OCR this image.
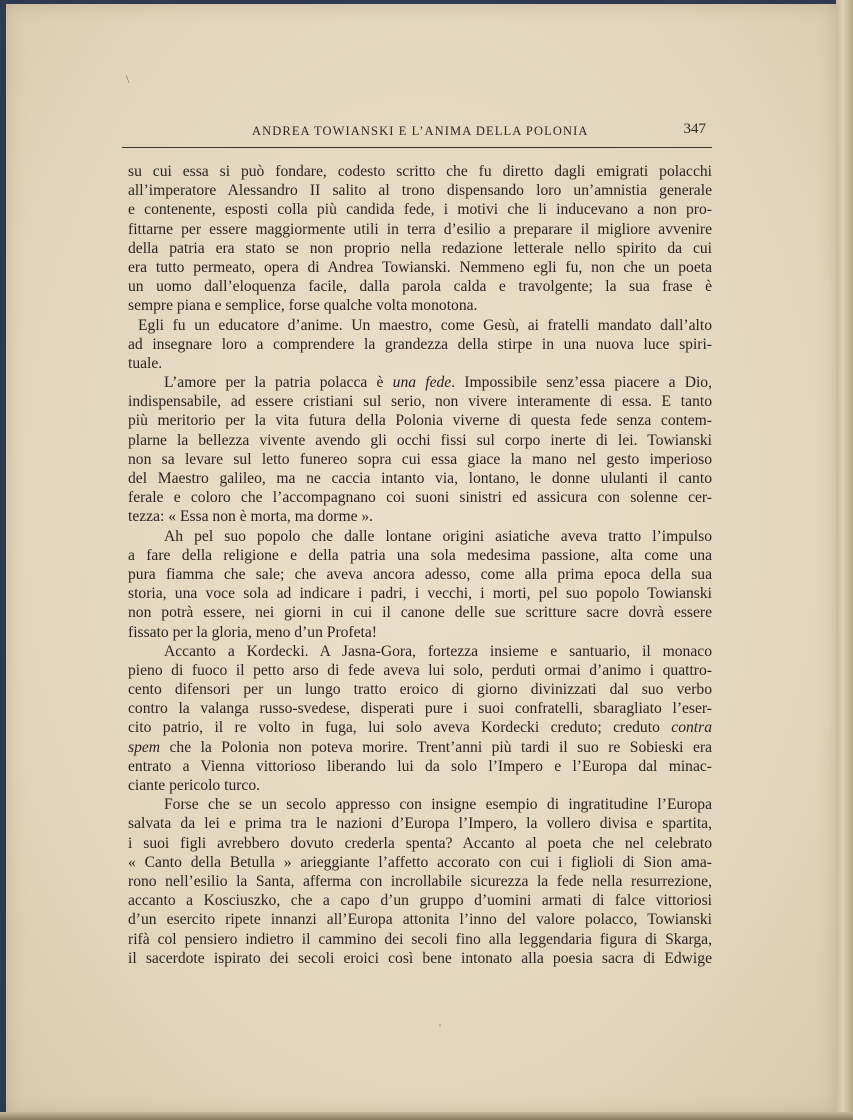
ANDREA TOWIANSKI E L’ANIMA DELLA POLONIA	347
su cui essa si può fondare, codesto scritto che fu diretto dagli emigrati polacchi
all’imperatore Alessandro II salito al trono dispensando loro un’amnistia generale
e contenente, esposti colla più candida fede, i motivi che li inducevano a non pro-
fittarne per essere maggiormente utili in terra d’esilio a preparare il migliore avvenire
della patria era stato se non proprio nella redazione letterale nello spirito da cui
era tutto permeato, opera di Andrea Towianski. Nemmeno egli fu, non che un poeta
un uomo dall’eloquenza facile, dalla parola calda e travolgente; la sua frase è
sempre piana e semplice, forse qualche volta monotona.
Egli fu un educatore d’anime. Un maestro, come Gesù, ai fratelli mandato dall’alto
ad insegnare loro a comprendere la grandezza della stirpe in una nuova luce spiri-
tuale.
L’amore per la patria polacca è una fede. Impossibile senz’essa piacere a Dio,
indispensabile, ad essere cristiani sul serio, non vivere interamente di essa. E tanto
più meritorio per la vita futura della Polonia viverne di questa fede senza contem-
plarne la bellezza vivente avendo gli occhi fissi sul corpo inerte di lei. Towianski
non sa levare sul letto funereo sopra cui essa giace la mano nel gesto imperioso
del Maestro galileo, ma ne caccia intanto via, lontano, le donne ululanti il canto
ferale e coloro che l’accompagnano coi suoni sinistri ed assicura con solenne cer-
tezza: « Essa non è morta, ma dorme ».
Ah pel suo popolo che dalle lontane origini asiatiche aveva tratto l’impulso
a fare della religione e della patria una sola medesima passione, alta come una
pura fiamma che sale; che aveva ancora adesso, come alla prima epoca della sua
storia, una voce sola ad indicare i padri, i vecchi, i morti, pel suo popolo Towianski
non potrà essere, nei giorni in cui il canone delle sue scritture sacre dovrà essere
fissato per la gloria, meno d’un Profeta!
Accanto a Kordecki. A Jasna-Gora, fortezza insieme e santuario, il monaco
pieno di fuoco il petto arso di fede aveva lui solo, perduti ormai d’animo i quattro-
cento difensori per un lungo tratto eroico di giorno divinizzati dal suo verbo
contro la valanga russo-svedese, disperati pure i suoi confratelli, sbaragliato l’eser-
cito patrio, il re volto in fuga, lui solo aveva Kordecki creduto; creduto contra
spem che la Polonia non poteva morire. Trent’anni più tardi il suo re Sobieski era
entrato a Vienna vittorioso liberando lui da solo l’Impero e l’Europa dal minac-
ciante pericolo turco.
Forse che se un secolo appresso con insigne esempio di ingratitudine l’Europa
salvata da lei e prima tra le nazioni d’Europa l’Impero, la vollero divisa e spartita,
i suoi figli avrebbero dovuto crederla spenta? Accanto al poeta che nel celebrato
« Canto della Betulla » arieggiante l’affetto accorato con cui i figlioli di Sion ama-
rono nell’esilio la Santa, afferma con incrollabile sicurezza la fede nella resurrezione,
accanto a Kosciuszko, che a capo d’un gruppo d’uomini armati di falce vittoriosi
d’un esercito ripete innanzi all’Europa attonita l’inno del valore polacco, Towianski
rifà col pensiero indietro il cammino dei secoli fino alla leggendaria figura di Skarga,
il sacerdote ispirato dei secoli eroici così bene intonato alla poesia sacra di Edwige
\
·
